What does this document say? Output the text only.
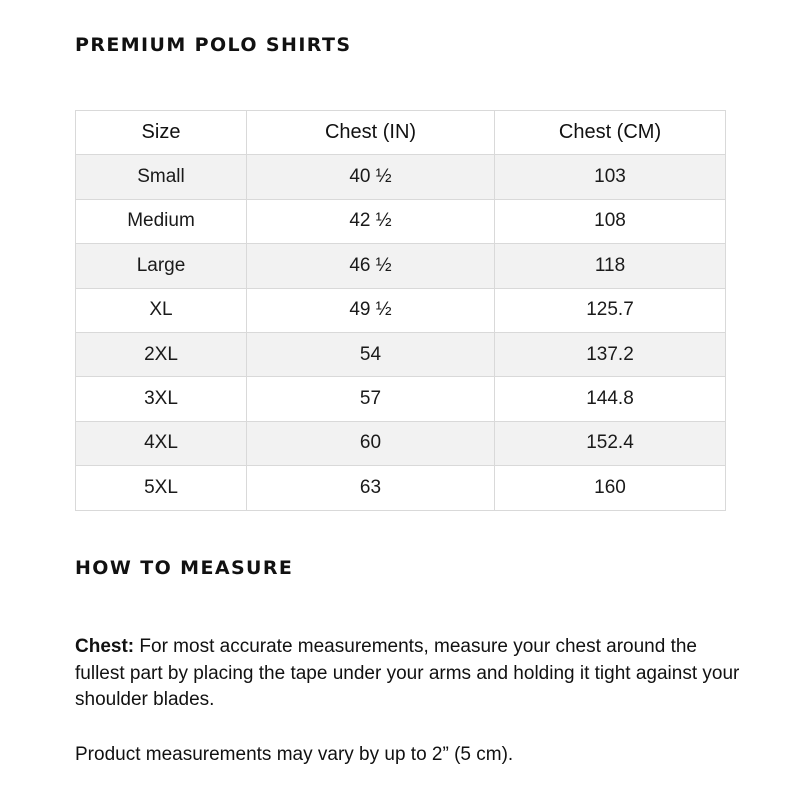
PREMIUM POLO SHIRTS
Size	Chest (IN)	Chest (CM)
Small	40 ½	103
Medium	42 ½	108
Large	46 ½	118
XL	49 ½	125.7
2XL	54	137.2
3XL	57	144.8
4XL	60	152.4
5XL	63	160
HOW TO MEASURE

Chest: For most accurate measurements, measure your chest around the fullest part by placing the tape under your arms and holding it tight against your shoulder blades.

Product measurements may vary by up to 2” (5 cm).
